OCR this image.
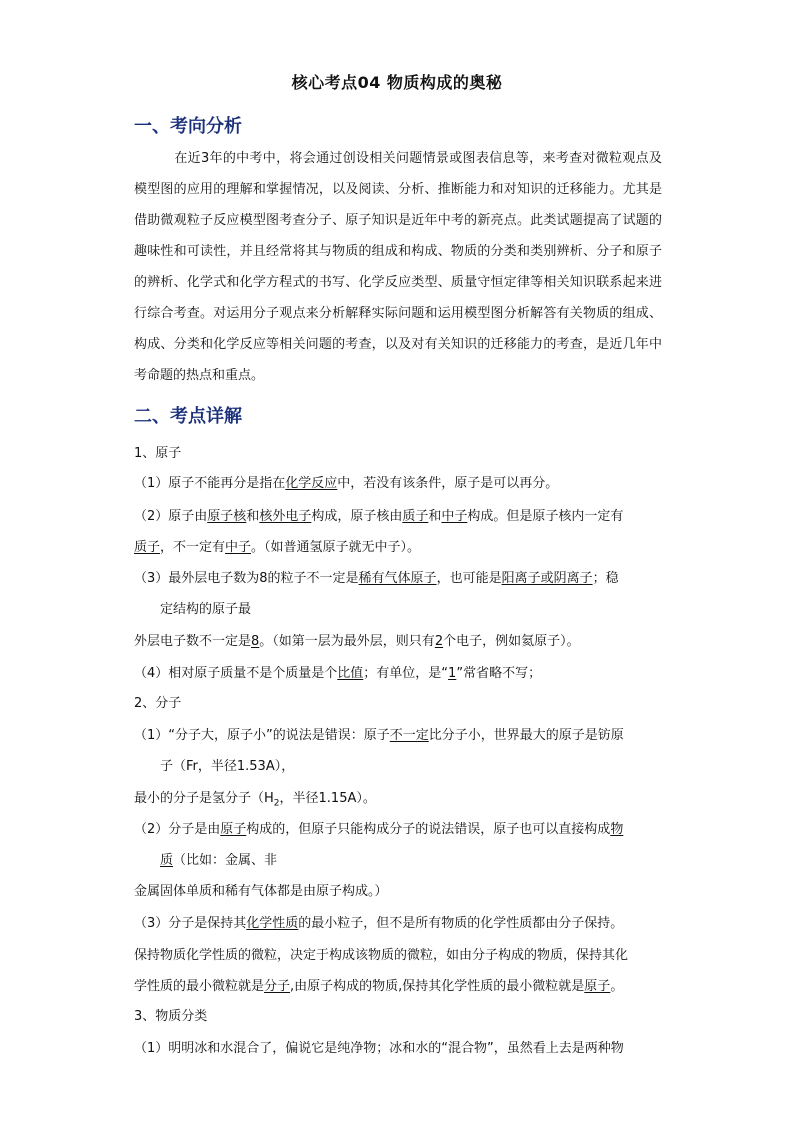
核心考点04 物质构成的奥秘
一、考向分析
在近3年的中考中，将会通过创设相关问题情景或图表信息等，来考查对微粒观点及模型图的应用的理解和掌握情况，以及阅读、分析、推断能力和对知识的迁移能力。尤其是借助微观粒子反应模型图考查分子、原子知识是近年中考的新亮点。此类试题提高了试题的趣味性和可读性，并且经常将其与物质的组成和构成、物质的分类和类别辨析、分子和原子的辨析、化学式和化学方程式的书写、化学反应类型、质量守恒定律等相关知识联系起来进行综合考查。对运用分子观点来分析解释实际问题和运用模型图分析解答有关物质的组成、构成、分类和化学反应等相关问题的考查，以及对有关知识的迁移能力的考查，是近几年中考命题的热点和重点。
二、考点详解
1、原子
（1）原子不能再分是指在化学反应中，若没有该条件，原子是可以再分。
（2）原子由原子核和核外电子构成，原子核由质子和中子构成。但是原子核内一定有
质子，不一定有中子。（如普通氢原子就无中子）。
（3）最外层电子数为8的粒子不一定是稀有气体原子，也可能是阳离子或阴离子；稳
定结构的原子最
外层电子数不一定是8。（如第一层为最外层，则只有2个电子，例如氦原子）。
（4）相对原子质量不是个质量是个比值；有单位，是“1”常省略不写；
2、分子
（1）“分子大，原子小”的说法是错误：原子不一定比分子小，世界最大的原子是钫原
子（Fr，半径1.53A），
最小的分子是氢分子（$H_2$，半径1.15A）。
（2）分子是由原子构成的，但原子只能构成分子的说法错误，原子也可以直接构成物
质（比如：金属、非
金属固体单质和稀有气体都是由原子构成。）
（3）分子是保持其化学性质的最小粒子，但不是所有物质的化学性质都由分子保持。
保持物质化学性质的微粒，决定于构成该物质的微粒，如由分子构成的物质，保持其化
学性质的最小微粒就是分子,由原子构成的物质,保持其化学性质的最小微粒就是原子。
3、物质分类
（1）明明冰和水混合了，偏说它是纯净物；冰和水的“混合物”，虽然看上去是两种物
